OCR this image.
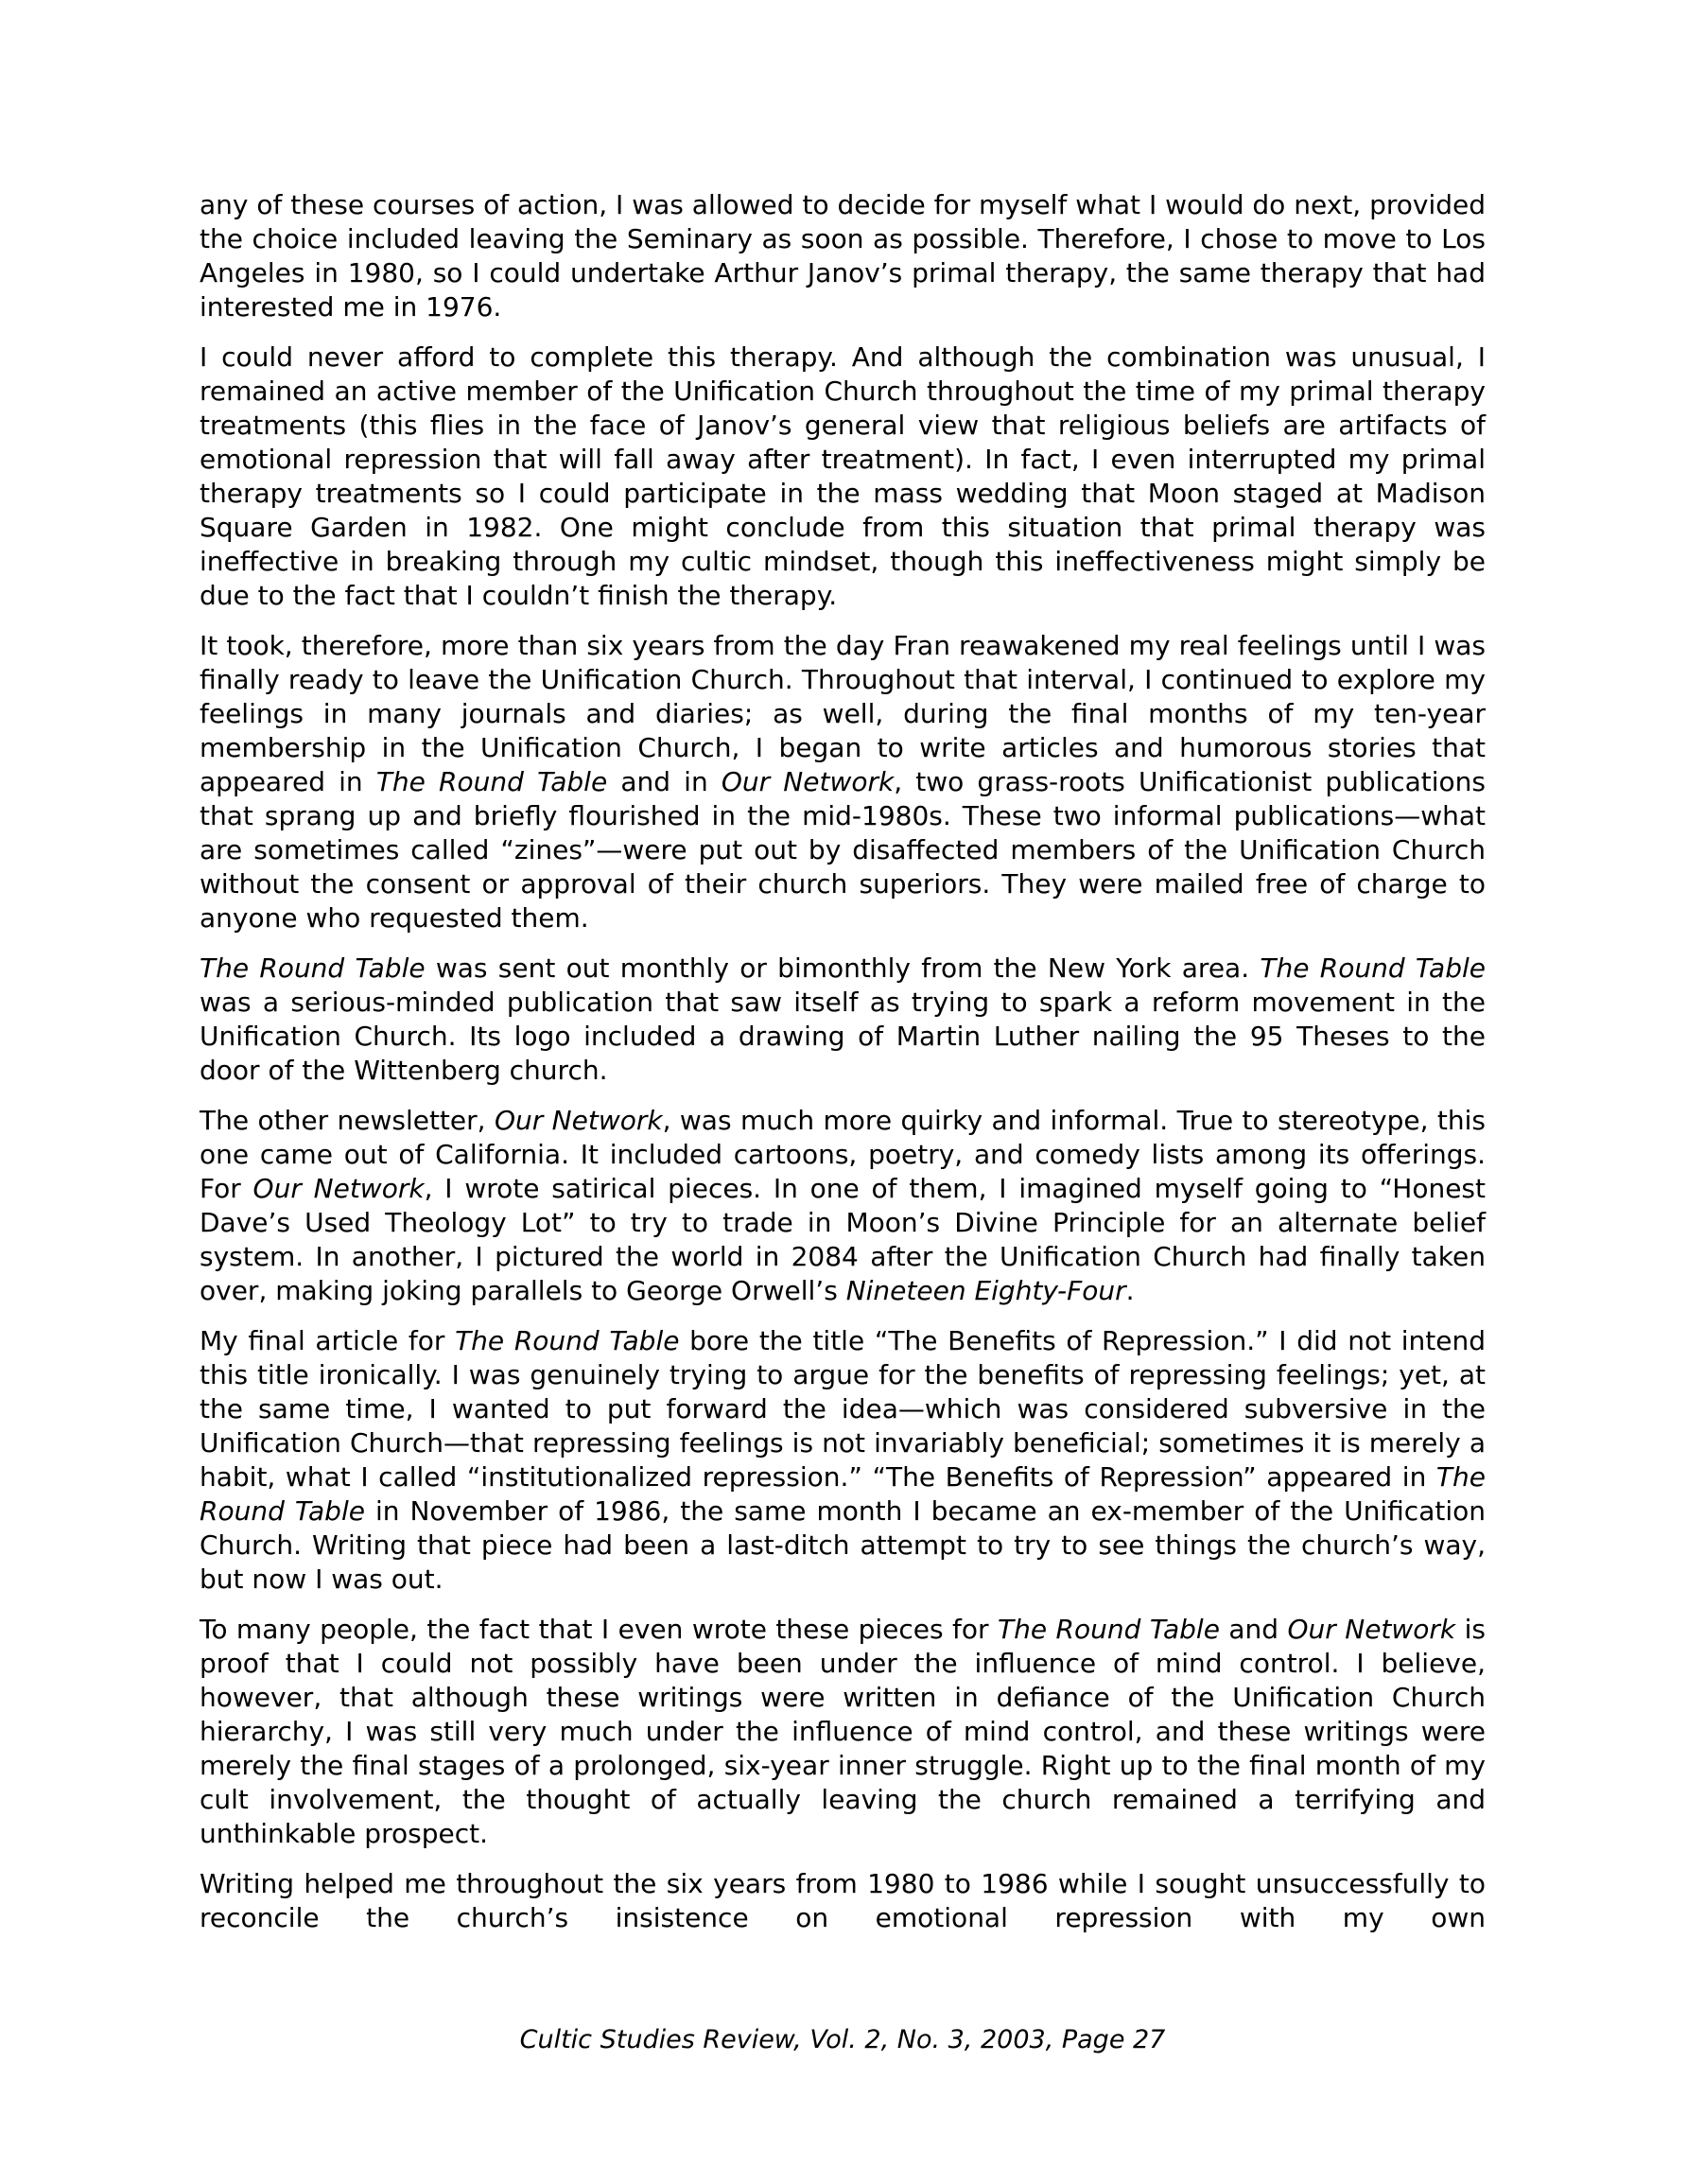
any of these courses of action, I was allowed to decide for myself what I would do next, provided the choice included leaving the Seminary as soon as possible. Therefore, I chose to move to Los Angeles in 1980, so I could undertake Arthur Janov’s primal therapy, the same therapy that had interested me in 1976.

I could never afford to complete this therapy. And although the combination was unusual, I remained an active member of the Unification Church throughout the time of my primal therapy treatments (this flies in the face of Janov’s general view that religious beliefs are artifacts of emotional repression that will fall away after treatment). In fact, I even interrupted my primal therapy treatments so I could participate in the mass wedding that Moon staged at Madison Square Garden in 1982. One might conclude from this situation that primal therapy was ineffective in breaking through my cultic mindset, though this ineffectiveness might simply be due to the fact that I couldn’t finish the therapy.

It took, therefore, more than six years from the day Fran reawakened my real feelings until I was finally ready to leave the Unification Church. Throughout that interval, I continued to explore my feelings in many journals and diaries; as well, during the final months of my ten-year membership in the Unification Church, I began to write articles and humorous stories that appeared in The Round Table and in Our Network, two grass-roots Unificationist publications that sprang up and briefly flourished in the mid-1980s. These two informal publications—what are sometimes called “zines”—were put out by disaffected members of the Unification Church without the consent or approval of their church superiors. They were mailed free of charge to anyone who requested them.

The Round Table was sent out monthly or bimonthly from the New York area. The Round Table was a serious-minded publication that saw itself as trying to spark a reform movement in the Unification Church. Its logo included a drawing of Martin Luther nailing the 95 Theses to the door of the Wittenberg church.

The other newsletter, Our Network, was much more quirky and informal. True to stereotype, this one came out of California. It included cartoons, poetry, and comedy lists among its offerings. For Our Network, I wrote satirical pieces. In one of them, I imagined myself going to “Honest Dave’s Used Theology Lot” to try to trade in Moon’s Divine Principle for an alternate belief system. In another, I pictured the world in 2084 after the Unification Church had finally taken over, making joking parallels to George Orwell’s Nineteen Eighty-Four.

My final article for The Round Table bore the title “The Benefits of Repression.” I did not intend this title ironically. I was genuinely trying to argue for the benefits of repressing feelings; yet, at the same time, I wanted to put forward the idea—which was considered subversive in the Unification Church—that repressing feelings is not invariably beneficial; sometimes it is merely a habit, what I called “institutionalized repression.” “The Benefits of Repression” appeared in The Round Table in November of 1986, the same month I became an ex-member of the Unification Church. Writing that piece had been a last-ditch attempt to try to see things the church’s way, but now I was out.

To many people, the fact that I even wrote these pieces for The Round Table and Our Network is proof that I could not possibly have been under the influence of mind control. I believe, however, that although these writings were written in defiance of the Unification Church hierarchy, I was still very much under the influence of mind control, and these writings were merely the final stages of a prolonged, six-year inner struggle. Right up to the final month of my cult involvement, the thought of actually leaving the church remained a terrifying and unthinkable prospect.

Writing helped me throughout the six years from 1980 to 1986 while I sought unsuccessfully to reconcile the church’s insistence on emotional repression with my own

Cultic Studies Review, Vol. 2, No. 3, 2003, Page 27
